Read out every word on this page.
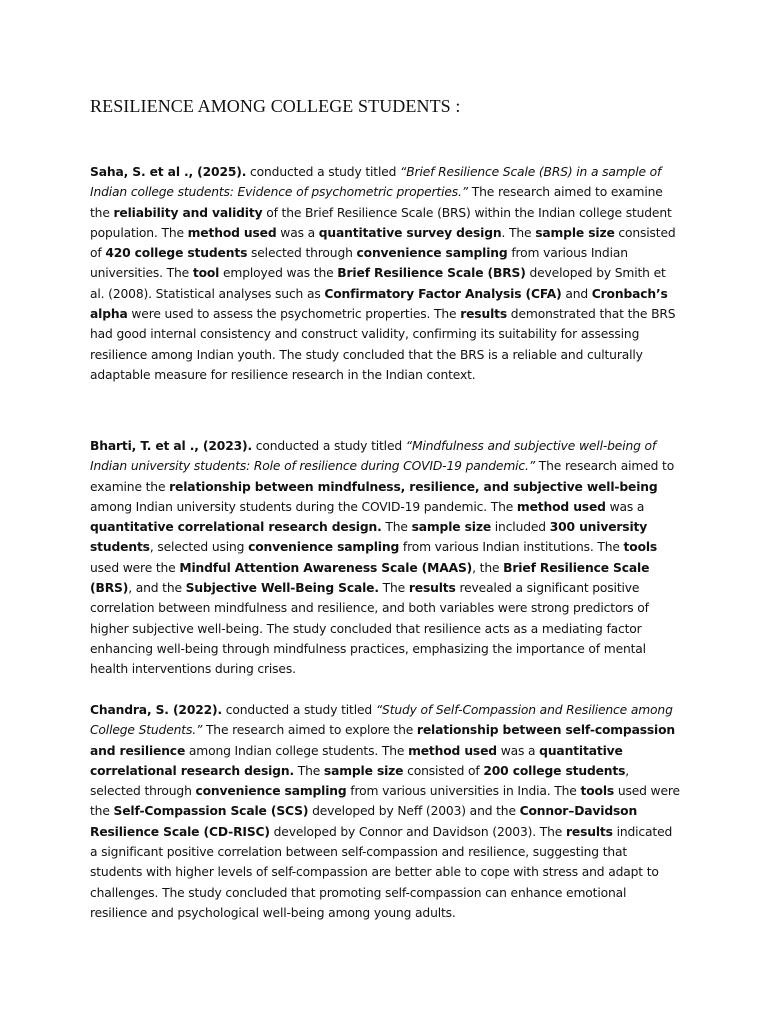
RESILIENCE AMONG COLLEGE STUDENTS :

Saha, S. et al ., (2025). conducted a study titled “Brief Resilience Scale (BRS) in a sample of Indian college students: Evidence of psychometric properties.” The research aimed to examine the reliability and validity of the Brief Resilience Scale (BRS) within the Indian college student population. The method used was a quantitative survey design. The sample size consisted of 420 college students selected through convenience sampling from various Indian universities. The tool employed was the Brief Resilience Scale (BRS) developed by Smith et al. (2008). Statistical analyses such as Confirmatory Factor Analysis (CFA) and Cronbach’s alpha were used to assess the psychometric properties. The results demonstrated that the BRS had good internal consistency and construct validity, confirming its suitability for assessing resilience among Indian youth. The study concluded that the BRS is a reliable and culturally adaptable measure for resilience research in the Indian context.

Bharti, T. et al ., (2023). conducted a study titled “Mindfulness and subjective well-being of Indian university students: Role of resilience during COVID-19 pandemic.” The research aimed to examine the relationship between mindfulness, resilience, and subjective well-being among Indian university students during the COVID-19 pandemic. The method used was a quantitative correlational research design. The sample size included 300 university students, selected using convenience sampling from various Indian institutions. The tools used were the Mindful Attention Awareness Scale (MAAS), the Brief Resilience Scale (BRS), and the Subjective Well-Being Scale. The results revealed a significant positive correlation between mindfulness and resilience, and both variables were strong predictors of higher subjective well-being. The study concluded that resilience acts as a mediating factor enhancing well-being through mindfulness practices, emphasizing the importance of mental health interventions during crises.

Chandra, S. (2022). conducted a study titled “Study of Self-Compassion and Resilience among College Students.” The research aimed to explore the relationship between self-compassion and resilience among Indian college students. The method used was a quantitative correlational research design. The sample size consisted of 200 college students, selected through convenience sampling from various universities in India. The tools used were the Self-Compassion Scale (SCS) developed by Neff (2003) and the Connor–Davidson Resilience Scale (CD-RISC) developed by Connor and Davidson (2003). The results indicated a significant positive correlation between self-compassion and resilience, suggesting that students with higher levels of self-compassion are better able to cope with stress and adapt to challenges. The study concluded that promoting self-compassion can enhance emotional resilience and psychological well-being among young adults.
